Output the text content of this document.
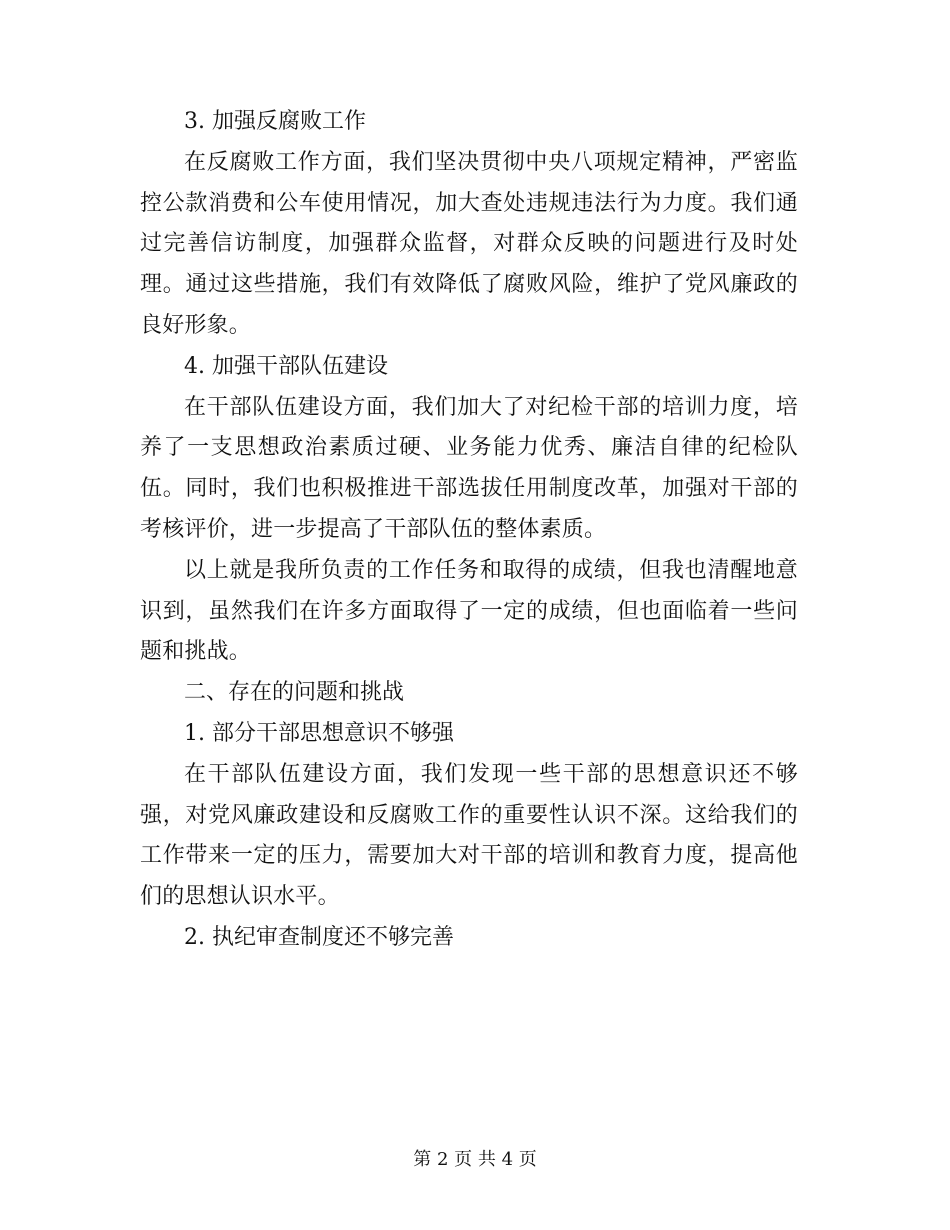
3. 加强反腐败工作

在反腐败工作方面，我们坚决贯彻中央八项规定精神，严密监控公款消费和公车使用情况，加大查处违规违法行为力度。我们通过完善信访制度，加强群众监督，对群众反映的问题进行及时处理。通过这些措施，我们有效降低了腐败风险，维护了党风廉政的良好形象。

4. 加强干部队伍建设

在干部队伍建设方面，我们加大了对纪检干部的培训力度，培养了一支思想政治素质过硬、业务能力优秀、廉洁自律的纪检队伍。同时，我们也积极推进干部选拔任用制度改革，加强对干部的考核评价，进一步提高了干部队伍的整体素质。

以上就是我所负责的工作任务和取得的成绩，但我也清醒地意识到，虽然我们在许多方面取得了一定的成绩，但也面临着一些问题和挑战。

二、存在的问题和挑战

1. 部分干部思想意识不够强

在干部队伍建设方面，我们发现一些干部的思想意识还不够强，对党风廉政建设和反腐败工作的重要性认识不深。这给我们的工作带来一定的压力，需要加大对干部的培训和教育力度，提高他们的思想认识水平。

2. 执纪审查制度还不够完善

第 2 页 共 4 页
